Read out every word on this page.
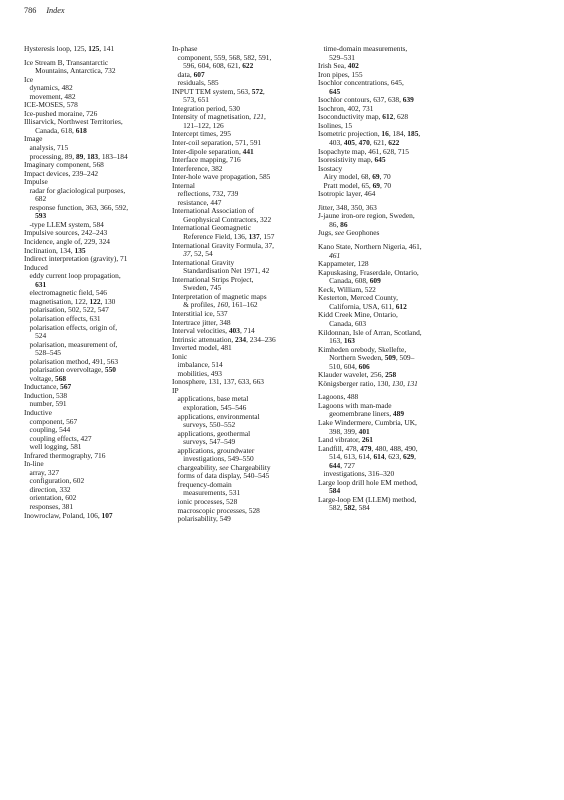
786 Index
Hysteresis loop, 125, 125, 141
Ice Stream B, Transantarctic
Mountains, Antarctica, 732
Ice
dynamics, 482
movement, 482
ICE-MOSES, 578
Ice-pushed moraine, 726
Illisarvick, Northwest Territories,
Canada, 618, 618
Image
analysis, 715
processing, 89, 89, 183, 183–184
Imaginary component, 568
Impact devices, 239–242
Impulse
radar for glaciological purposes,
682
response function, 363, 366, 592,
593
-type LLEM system, 584
Impulsive sources, 242–243
Incidence, angle of, 229, 324
Inclination, 134, 135
Indirect interpretation (gravity), 71
Induced
eddy current loop propagation,
631
electromagnetic field, 546
magnetisation, 122, 122, 130
polarisation, 502, 522, 547
polarisation effects, 631
polarisation effects, origin of,
524
polarisation, measurement of,
528–545
polarisation method, 491, 563
polarisation overvoltage, 550
voltage, 568
Inductance, 567
Induction, 538
number, 591
Inductive
component, 567
coupling, 544
coupling effects, 427
well logging, 581
Infrared thermography, 716
In-line
array, 327
configuration, 602
direction, 332
orientation, 602
responses, 381
Inowroclaw, Poland, 106, 107
In-phase
component, 559, 568, 582, 591,
596, 604, 608, 621, 622
data, 607
residuals, 585
INPUT TEM system, 563, 572,
573, 651
Integration period, 530
Intensity of magnetisation, 121,
121–122, 126
Intercept times, 295
Inter-coil separation, 571, 591
Inter-dipole separation, 441
Interface mapping, 716
Interference, 382
Inter-hole wave propagation, 585
Internal
reflections, 732, 739
resistance, 447
International Association of
Geophysical Contractors, 322
International Geomagnetic
Reference Field, 136, 137, 157
International Gravity Formula, 37,
37, 52, 54
International Gravity
Standardisation Net 1971, 42
International Strips Project,
Sweden, 745
Interpretation of magnetic maps
& profiles, 160, 161–162
Interstitial ice, 537
Intertrace jitter, 348
Interval velocities, 403, 714
Intrinsic attenuation, 234, 234–236
Inverted model, 481
Ionic
imbalance, 514
mobilities, 493
Ionosphere, 131, 137, 633, 663
IP
applications, base metal
exploration, 545–546
applications, environmental
surveys, 550–552
applications, geothermal
surveys, 547–549
applications, groundwater
investigations, 549–550
chargeability, see Chargeability
forms of data display, 540–545
frequency-domain
measurements, 531
ionic processes, 528
macroscopic processes, 528
polarisability, 549
time-domain measurements,
529–531
Irish Sea, 402
Iron pipes, 155
Isochlor concentrations, 645,
645
Isochlor contours, 637, 638, 639
Isochron, 402, 731
Isoconductivity map, 612, 628
Isolines, 15
Isometric projection, 16, 184, 185,
403, 405, 470, 621, 622
Isopachyte map, 461, 628, 715
Isoresistivity map, 645
Isostacy
Airy model, 68, 69, 70
Pratt model, 65, 69, 70
Isotropic layer, 464
Jitter, 348, 350, 363
J-jaune iron-ore region, Sweden,
86, 86
Jugs, see Geophones
Kano State, Northern Nigeria, 461,
461
Kappameter, 128
Kapuskasing, Fraserdale, Ontario,
Canada, 608, 609
Keck, William, 522
Kesterton, Merced County,
California, USA, 611, 612
Kidd Creek Mine, Ontario,
Canada, 603
Kildonnan, Isle of Arran, Scotland,
163, 163
Kimheden orebody, Skellefte,
Northern Sweden, 509, 509–
510, 604, 606
Klauder wavelet, 256, 258
Königsberger ratio, 130, 130, 131
Lagoons, 488
Lagoons with man-made
geomembrane liners, 489
Lake Windermere, Cumbria, UK,
398, 399, 401
Land vibrator, 261
Landfill, 478, 479, 480, 488, 490,
514, 613, 614, 614, 623, 629,
644, 727
investigations, 316–320
Large loop drill hole EM method,
584
Large-loop EM (LLEM) method,
582, 582, 584
